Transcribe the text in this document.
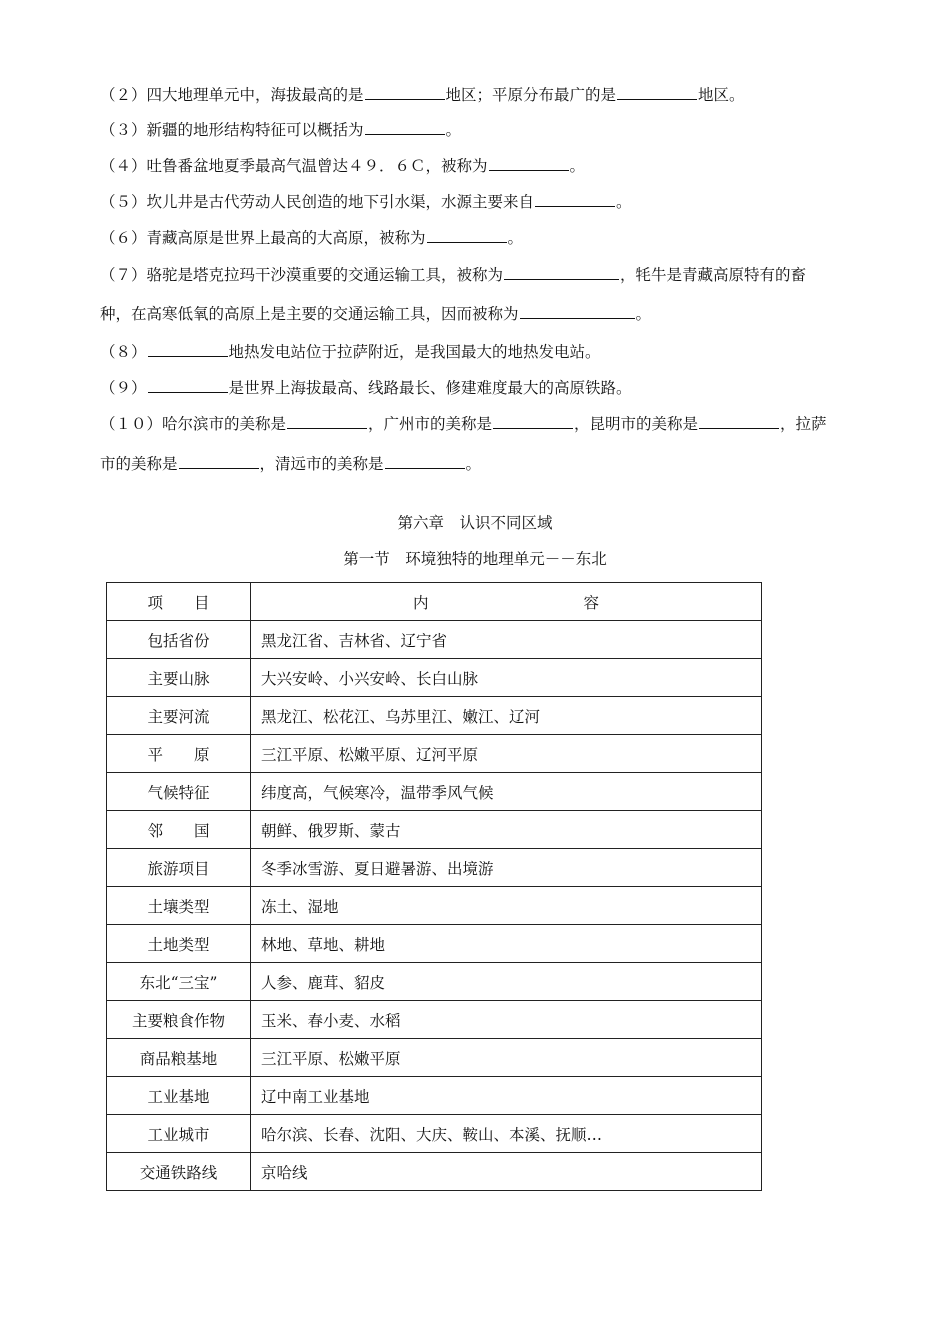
（２）四大地理单元中，海拔最高的是	地区；平原分布最广的是	地区。
（３）新疆的地形结构特征可以概括为	。
（４）吐鲁番盆地夏季最高气温曾达４９．６Ｃ，被称为	。
（５）坎儿井是古代劳动人民创造的地下引水渠，水源主要来自	。
（６）青藏高原是世界上最高的大高原，被称为	。
（７）骆驼是塔克拉玛干沙漠重要的交通运输工具，被称为	，牦牛是青藏高原特有的畜
种，在高寒低氧的高原上是主要的交通运输工具，因而被称为	。
（８）	地热发电站位于拉萨附近，是我国最大的地热发电站。
（９）	是世界上海拔最高、线路最长、修建难度最大的高原铁路。
（１０）哈尔滨市的美称是	，广州市的美称是	，昆明市的美称是	，拉萨
市的美称是	，清远市的美称是	。
第六章　认识不同区域
第一节　环境独特的地理单元－－东北
项　　目	内　　　　　　　　　　容
包括省份	黑龙江省、吉林省、辽宁省
主要山脉	大兴安岭、小兴安岭、长白山脉
主要河流	黑龙江、松花江、乌苏里江、嫩江、辽河
平　　原	三江平原、松嫩平原、辽河平原
气候特征	纬度高，气候寒冷，温带季风气候
邻　　国	朝鲜、俄罗斯、蒙古
旅游项目	冬季冰雪游、夏日避暑游、出境游
土壤类型	冻土、湿地
土地类型	林地、草地、耕地
东北“三宝”	人参、鹿茸、貂皮
主要粮食作物	玉米、春小麦、水稻
商品粮基地	三江平原、松嫩平原
工业基地	辽中南工业基地
工业城市	哈尔滨、长春、沈阳、大庆、鞍山、本溪、抚顺…
交通铁路线	京哈线
